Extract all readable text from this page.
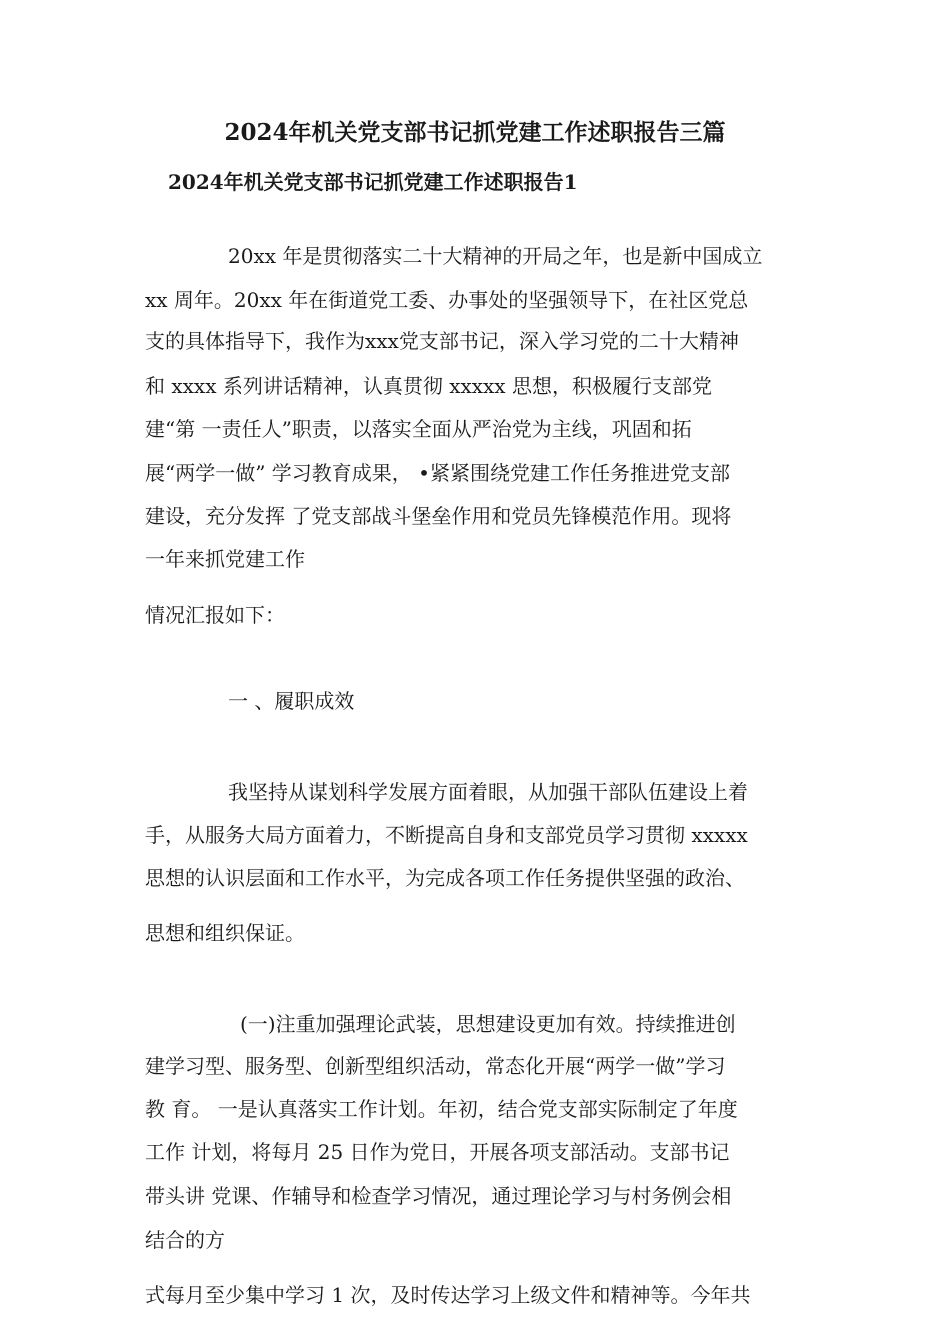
2024年机关党支部书记抓党建工作述职报告三篇
2024年机关党支部书记抓党建工作述职报告1

20xx 年是贯彻落实二十大精神的开局之年，也是新中国成立

xx 周年。20xx 年在街道党工委、办事处的坚强领导下，在社区党总

支的具体指导下，我作为xxx党支部书记，深入学习党的二十大精神

和 xxxx 系列讲话精神，认真贯彻 xxxxx 思想，积极履行支部党

建“第 一责任人”职责，以落实全面从严治党为主线，巩固和拓

展“两学一做” 学习教育成果， •紧紧围绕党建工作任务推进党支部

建设，充分发挥 了党支部战斗堡垒作用和党员先锋模范作用。现将

一年来抓党建工作

情况汇报如下：

一 、履职成效

我坚持从谋划科学发展方面着眼，从加强干部队伍建设上着

手，从服务大局方面着力，不断提高自身和支部党员学习贯彻 xxxxx

思想的认识层面和工作水平，为完成各项工作任务提供坚强的政治、

思想和组织保证。

(一)注重加强理论武装，思想建设更加有效。持续推进创

建学习型、服务型、创新型组织活动，常态化开展“两学一做”学习

教 育。 一是认真落实工作计划。年初，结合党支部实际制定了年度

工作 计划，将每月 25 日作为党日，开展各项支部活动。支部书记

带头讲 党课、作辅导和检查学习情况，通过理论学习与村务例会相

结合的方

式每月至少集中学习 1 次，及时传达学习上级文件和精神等。今年共
